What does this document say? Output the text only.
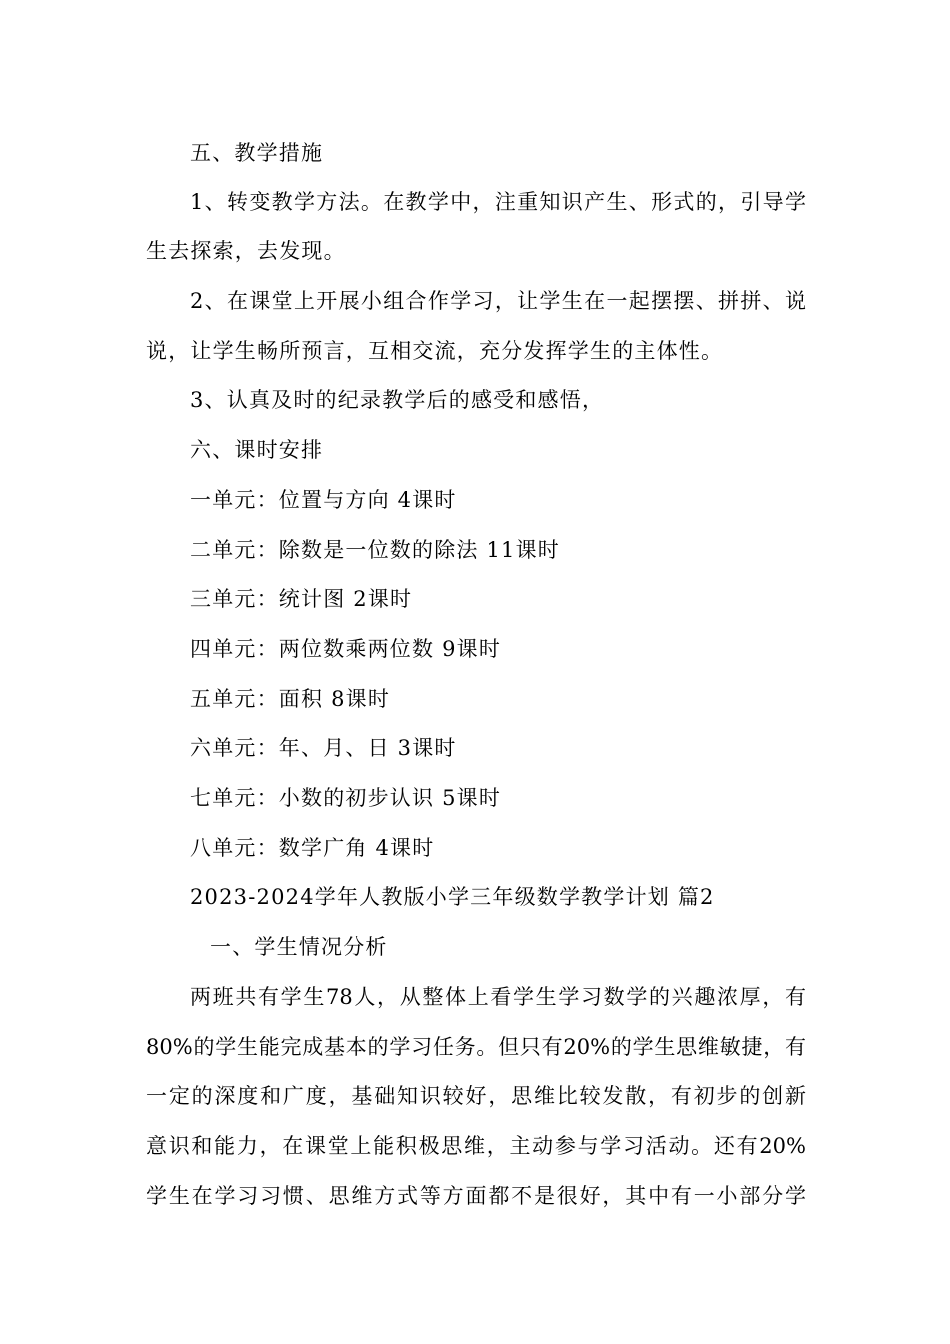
五、教学措施
1、转变教学方法。在教学中，注重知识产生、形式的，引导学
生去探索，去发现。
2、在课堂上开展小组合作学习，让学生在一起摆摆、拼拼、说
说，让学生畅所预言，互相交流，充分发挥学生的主体性。
3、认真及时的纪录教学后的感受和感悟，
六、课时安排
一单元：位置与方向 4课时
二单元：除数是一位数的除法 11课时
三单元：统计图 2课时
四单元：两位数乘两位数 9课时
五单元：面积 8课时
六单元：年、月、日 3课时
七单元：小数的初步认识 5课时
八单元：数学广角 4课时
2023-2024学年人教版小学三年级数学教学计划 篇2
一、学生情况分析
两班共有学生78人，从整体上看学生学习数学的兴趣浓厚，有
80%的学生能完成基本的学习任务。但只有20%的学生思维敏捷，有
一定的深度和广度，基础知识较好，思维比较发散，有初步的创新
意识和能力，在课堂上能积极思维，主动参与学习活动。还有20%
学生在学习习惯、思维方式等方面都不是很好，其中有一小部分学
